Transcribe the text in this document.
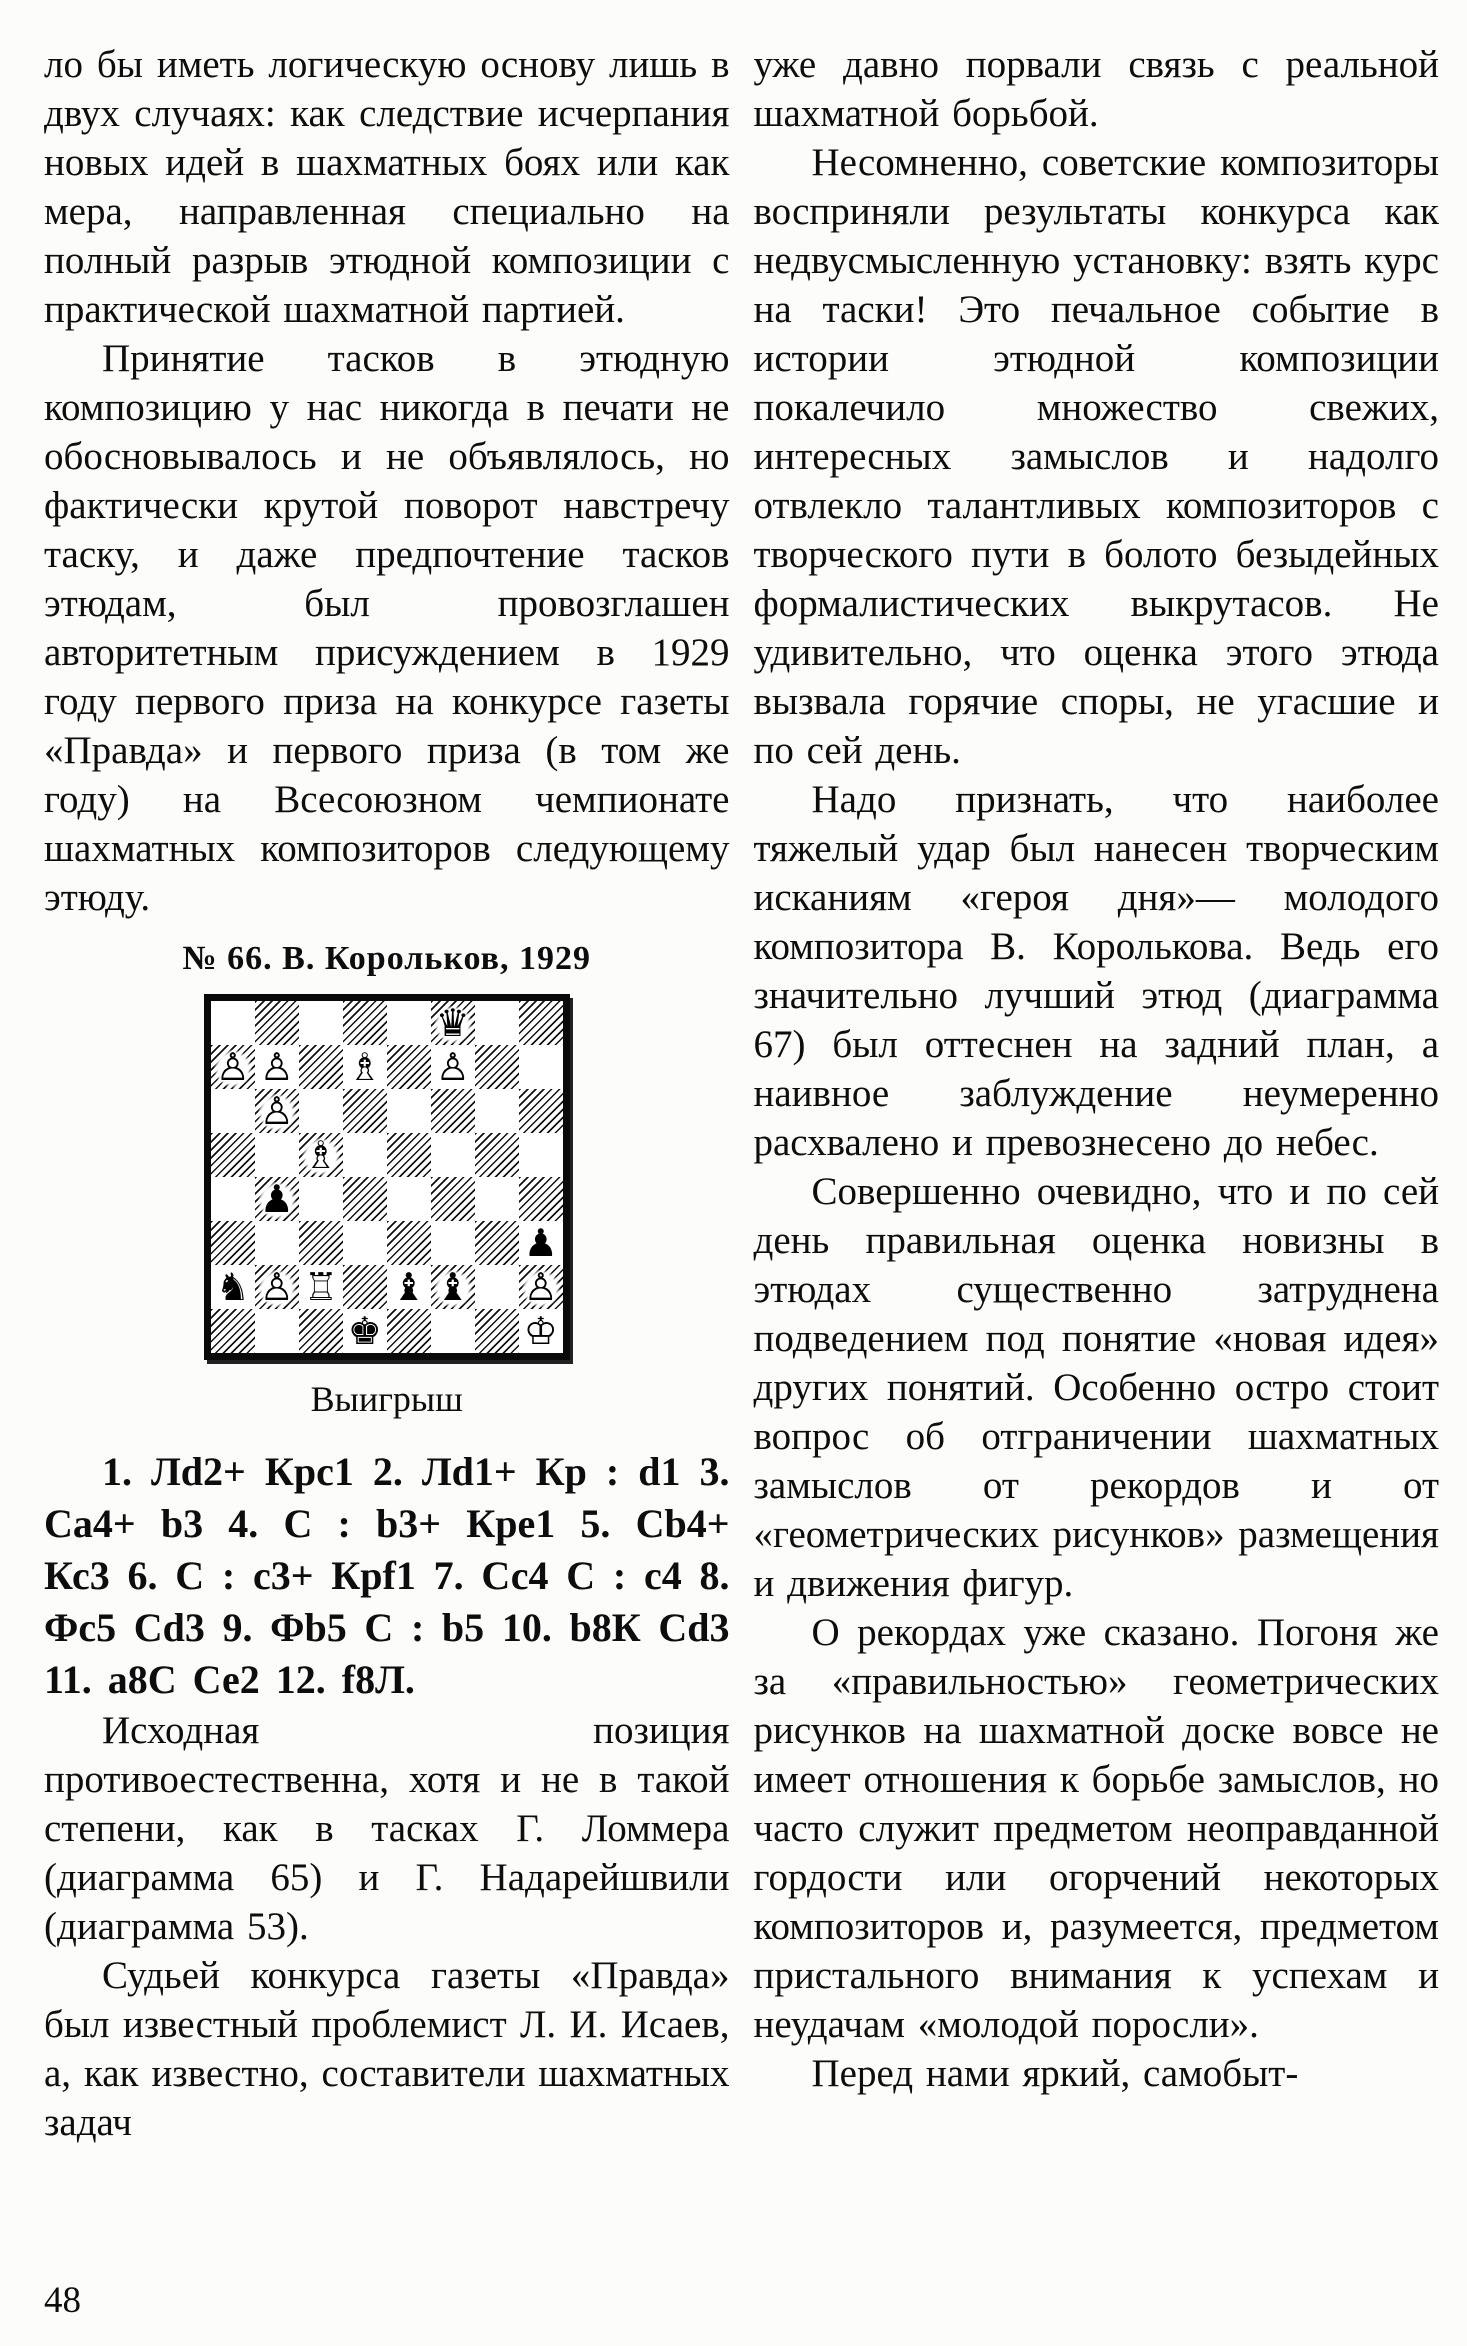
ло бы иметь логическую основу лишь в двух случаях: как следствие исчерпания новых идей в шахматных боях или как мера, направленная специально на полный разрыв этюдной композиции с практической шахматной партией.

Принятие тасков в этюдную композицию у нас никогда в печати не обосновывалось и не объявлялось, но фактически крутой поворот навстречу таску, и даже предпочтение тасков этюдам, был провозглашен авторитетным присуждением в 1929 году первого приза на конкурсе газеты «Правда» и первого приза (в том же году) на Всесоюзном чемпионате шахматных композиторов следующему этюду.

№ 66. В. Корольков, 1929
♛
♙ ♙ ♗ ♙
♙
♗
♟
♟
♞ ♙ ♖ ♝ ♝ ♙
♚	♔
Выигрыш

1. Лd2+ Крc1 2. Лd1+ Кр : d1 3. Са4+ b3 4. С : b3+ Кре1 5. Сb4+ Кс3 6. С : с3+ Крf1 7. Сс4 С : с4 8. Фс5 Сd3 9. Фb5 С : b5 10. b8К Сd3 11. а8С Се2 12. f8Л.

Исходная позиция противоестественна, хотя и не в такой степени, как в тасках Г. Ломмера (диаграмма 65) и Г. Надарейшвили (диаграмма 53).

Судьей конкурса газеты «Правда» был известный проблемист Л. И. Исаев, а, как известно, составители шахматных задач

уже давно порвали связь с реальной шахматной борьбой.

Несомненно, советские композиторы восприняли результаты конкурса как недвусмысленную установку: взять курс на таски! Это печальное событие в истории этюдной композиции покалечило множество свежих, интересных замыслов и надолго отвлекло талантливых композиторов с творческого пути в болото безыдейных формалистических выкрутасов. Не удивительно, что оценка этого этюда вызвала горячие споры, не угасшие и по сей день.

Надо признать, что наиболее тяжелый удар был нанесен творческим исканиям «героя дня»— молодого композитора В. Королькова. Ведь его значительно лучший этюд (диаграмма 67) был оттеснен на задний план, а наивное заблуждение неумеренно расхвалено и превознесено до небес.

Совершенно очевидно, что и по сей день правильная оценка новизны в этюдах существенно затруднена подведением под понятие «новая идея» других понятий. Особенно остро стоит вопрос об отграничении шахматных замыслов от рекордов и от «геометрических рисунков» размещения и движения фигур.

О рекордах уже сказано. Погоня же за «правильностью» геометрических рисунков на шахматной доске вовсе не имеет отношения к борьбе замыслов, но часто служит предметом неоправданной гордости или огорчений некоторых композиторов и, разумеется, предметом пристального внимания к успехам и неудачам «молодой поросли».

Перед нами яркий, самобыт-

48
